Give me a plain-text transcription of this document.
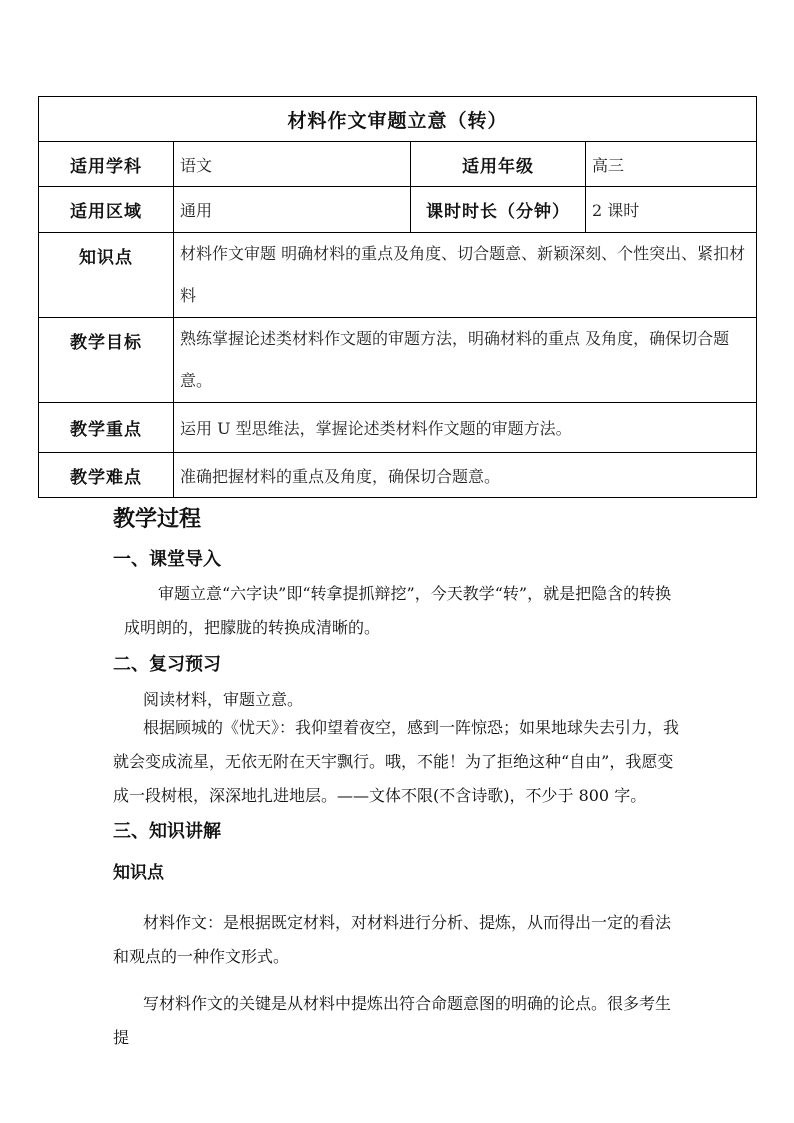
材料作文审题立意（转）			
适用学科	语文	适用年级	高三
适用区域	通用	课时时长（分钟）	2 课时
知识点	材料作文审题 明确材料的重点及角度、切合题意、新颖深刻、个性突出、紧扣材料		
教学目标	熟练掌握论述类材料作文题的审题方法，明确材料的重点 及角度，确保切合题意。		
教学重点	运用 U 型思维法，掌握论述类材料作文题的审题方法。		
教学难点	准确把握材料的重点及角度，确保切合题意。		
教学过程
一、课堂导入

审题立意“六字诀”即“转拿提抓辩挖”，今天教学“转”，就是把隐含的转换成明朗的，把朦胧的转换成清晰的。

二、复习预习

阅读材料，审题立意。

根据顾城的《忧天》：我仰望着夜空，感到一阵惊恐；如果地球失去引力，我就会变成流星，无依无附在天宇飘行。哦，不能！为了拒绝这种“自由”，我愿变成一段树根，深深地扎进地层。——文体不限(不含诗歌)，不少于 800 字。

三、知识讲解
知识点

材料作文：是根据既定材料，对材料进行分析、提炼，从而得出一定的看法和观点的一种作文形式。

写材料作文的关键是从材料中提炼出符合命题意图的明确的论点。很多考生提
